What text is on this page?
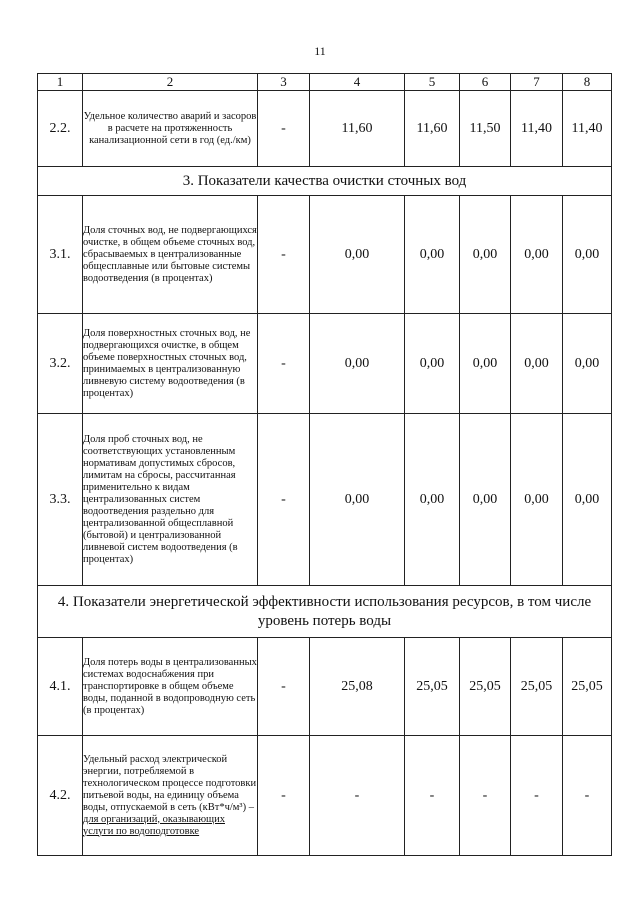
11
1	2	3	4	5	6	7	8
2.2.	Удельное количество аварий и засоров в расчете на протяженность канализационной сети в год (ед./км)	-	11,60	11,60	11,50	11,40	11,40
3. Показатели качества очистки сточных вод							
3.1.	Доля сточных вод, не подвергающихся очистке, в общем объеме сточных вод, сбрасываемых в централизованные общесплавные или бытовые системы водоотведения (в процентах)	-	0,00	0,00	0,00	0,00	0,00
3.2.	Доля поверхностных сточных вод, не подвергающихся очистке, в общем объеме поверхностных сточных вод, принимаемых в централизованную ливневую систему водоотведения (в процентах)	-	0,00	0,00	0,00	0,00	0,00
3.3.	Доля проб сточных вод, не соответствующих установленным нормативам допустимых сбросов, лимитам на сбросы, рассчитанная применительно к видам централизованных систем водоотведения раздельно для централизованной общесплавной (бытовой) и централизованной ливневой систем водоотведения (в процентах)	-	0,00	0,00	0,00	0,00	0,00
4. Показатели энергетической эффективности использования ресурсов, в том числе уровень потерь воды							
4.1.	Доля потерь воды в централизованных системах водоснабжения при транспортировке в общем объеме воды, поданной в водопроводную сеть (в процентах)	-	25,08	25,05	25,05	25,05	25,05
4.2.	Удельный расход электрической энергии, потребляемой в технологическом процессе подготовки питьевой воды, на единицу объема воды, отпускаемой в сеть (кВт*ч/м³) – для организаций, оказывающих услуги по водоподготовке	-	-	-	-	-	-
